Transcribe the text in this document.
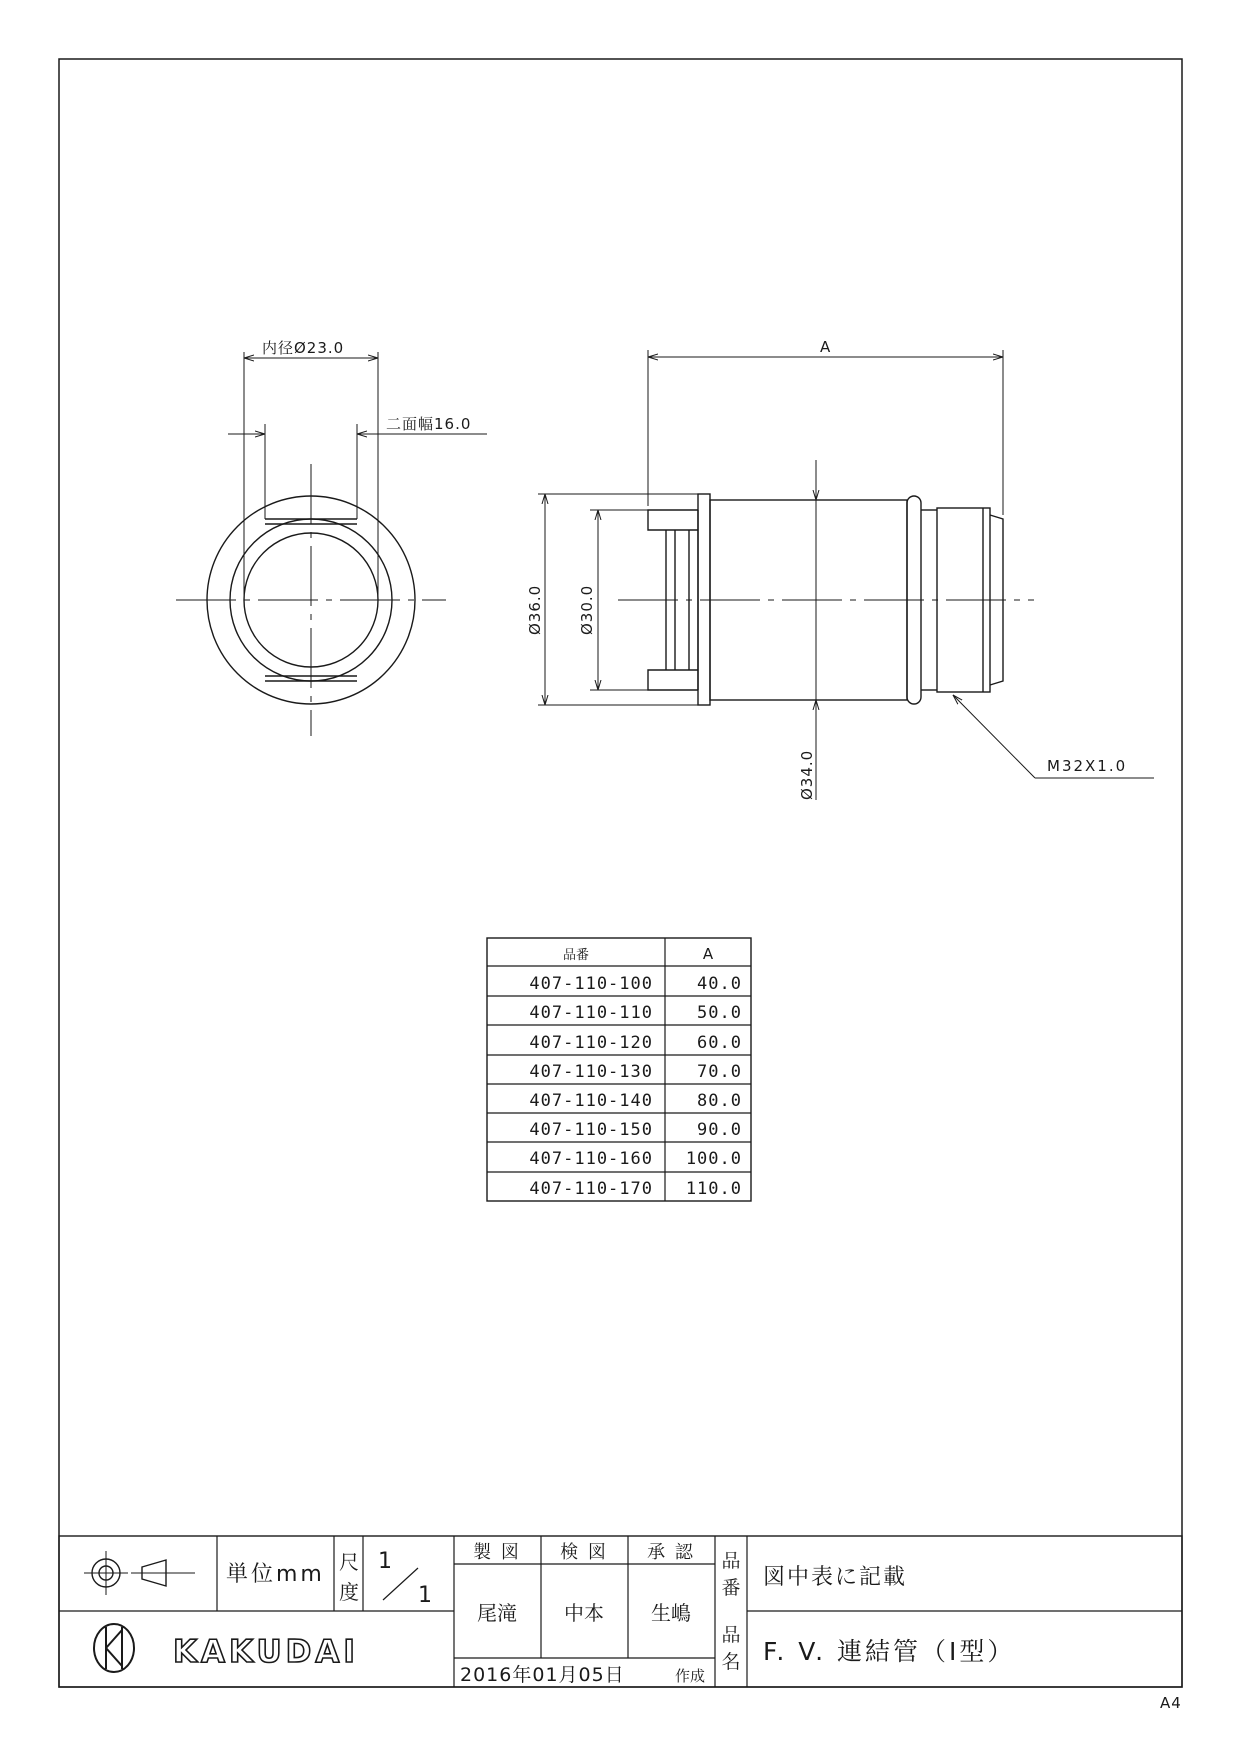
内径Ø23.0
二面幅16.0
A
Ø36.0 Ø30.0
Ø34.0	M32X1.0
品番	A
407-110-100	40.0
407-110-110	50.0
407-110-120	60.0
407-110-130	70.0
407-110-140	80.0
407-110-150	90.0
407-110-160 100.0
407-110-170 110.0
単位mm 尺
度
1
1
製 図 検 図 承 認
尾滝 中本 生嶋
品
番 図中表に記載
品
名 F. V. 連結管（I型）
KAKUDAI
2016年01月05日	作成
A4
